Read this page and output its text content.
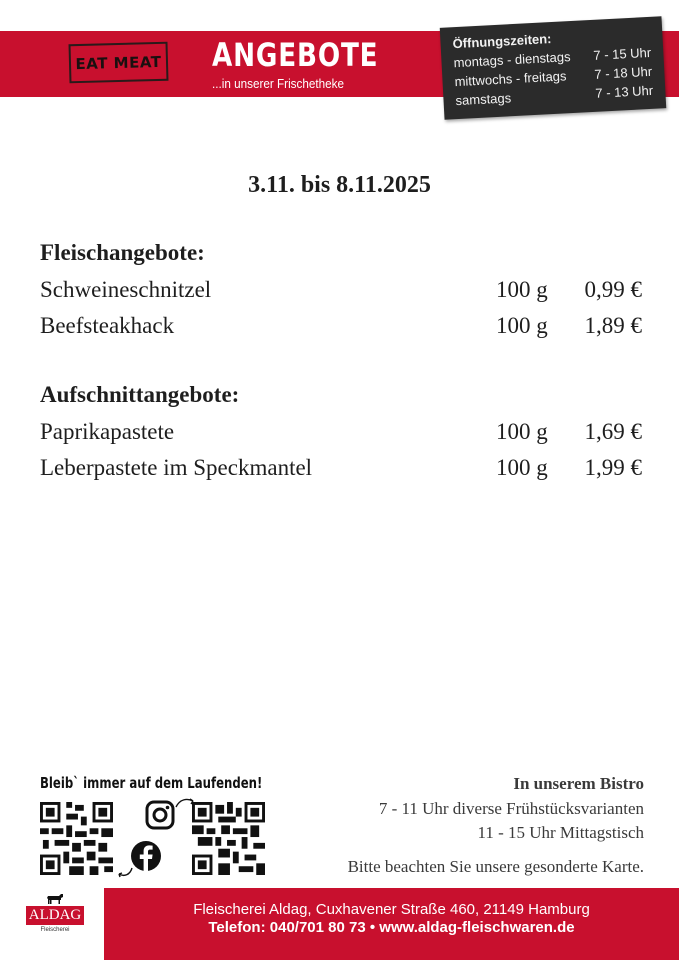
EAT MEAT ANGEBOTE
...in unserer Frischetheke
Öffnungszeiten:
montags - dienstags 7 - 15 Uhr
mittwochs - freitags 7 - 18 Uhr
samstags	7 - 13 Uhr
3.11. bis 8.11.2025
Fleischangebote:
Schweineschnitzel	100 g 0,99 €
Beefsteakhack	100 g 1,89 €
Aufschnittangebote:
Paprikapastete	100 g 1,69 €
Leberpastete im Speckmantel	100 g 1,99 €
Bleib` immer auf dem Laufenden!	In unserem Bistro
7 - 11 Uhr diverse Frühstücksvarianten
11 - 15 Uhr Mittagstisch
Bitte beachten Sie unsere gesonderte Karte.
ALDAG
Fleischerei
Fleischerei Aldag, Cuxhavener Straße 460, 21149 Hamburg
Telefon: 040/701 80 73 • www.aldag-fleischwaren.de
